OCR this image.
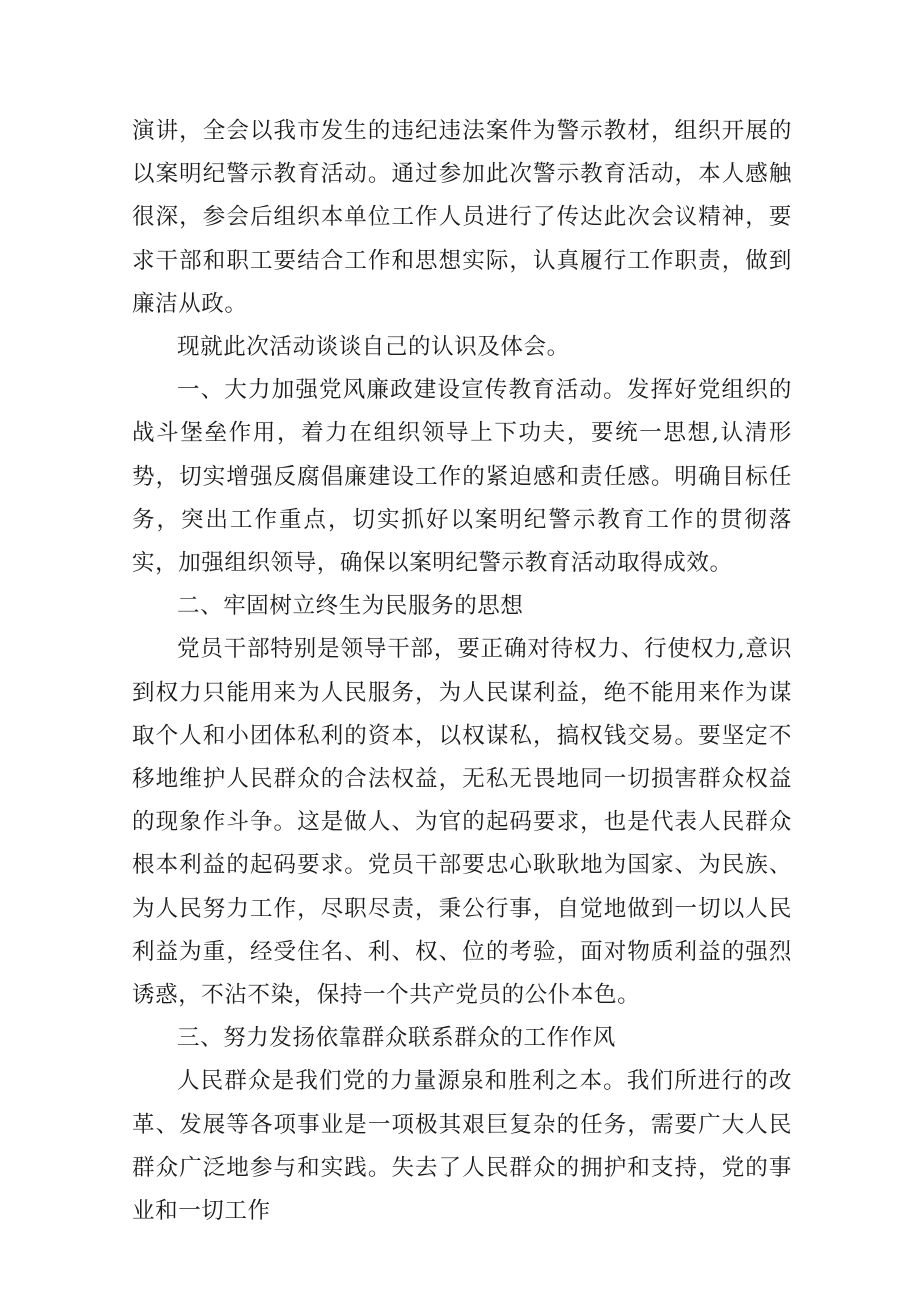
演讲，全会以我市发生的违纪违法案件为警示教材，组织开展的以案明纪警示教育活动。通过参加此次警示教育活动，本人感触很深，参会后组织本单位工作人员进行了传达此次会议精神，要求干部和职工要结合工作和思想实际，认真履行工作职责，做到廉洁从政。

现就此次活动谈谈自己的认识及体会。

一、大力加强党风廉政建设宣传教育活动。发挥好党组织的战斗堡垒作用，着力在组织领导上下功夫，要统一思想,认清形势，切实增强反腐倡廉建设工作的紧迫感和责任感。明确目标任务，突出工作重点，切实抓好以案明纪警示教育工作的贯彻落实，加强组织领导，确保以案明纪警示教育活动取得成效。

二、牢固树立终生为民服务的思想

党员干部特别是领导干部，要正确对待权力、行使权力,意识到权力只能用来为人民服务，为人民谋利益，绝不能用来作为谋取个人和小团体私利的资本，以权谋私，搞权钱交易。要坚定不移地维护人民群众的合法权益，无私无畏地同一切损害群众权益的现象作斗争。这是做人、为官的起码要求，也是代表人民群众根本利益的起码要求。党员干部要忠心耿耿地为国家、为民族、为人民努力工作，尽职尽责，秉公行事，自觉地做到一切以人民利益为重，经受住名、利、权、位的考验，面对物质利益的强烈诱惑，不沾不染，保持一个共产党员的公仆本色。

三、努力发扬依靠群众联系群众的工作作风

人民群众是我们党的力量源泉和胜利之本。我们所进行的改革、发展等各项事业是一项极其艰巨复杂的任务，需要广大人民群众广泛地参与和实践。失去了人民群众的拥护和支持，党的事业和一切工作
